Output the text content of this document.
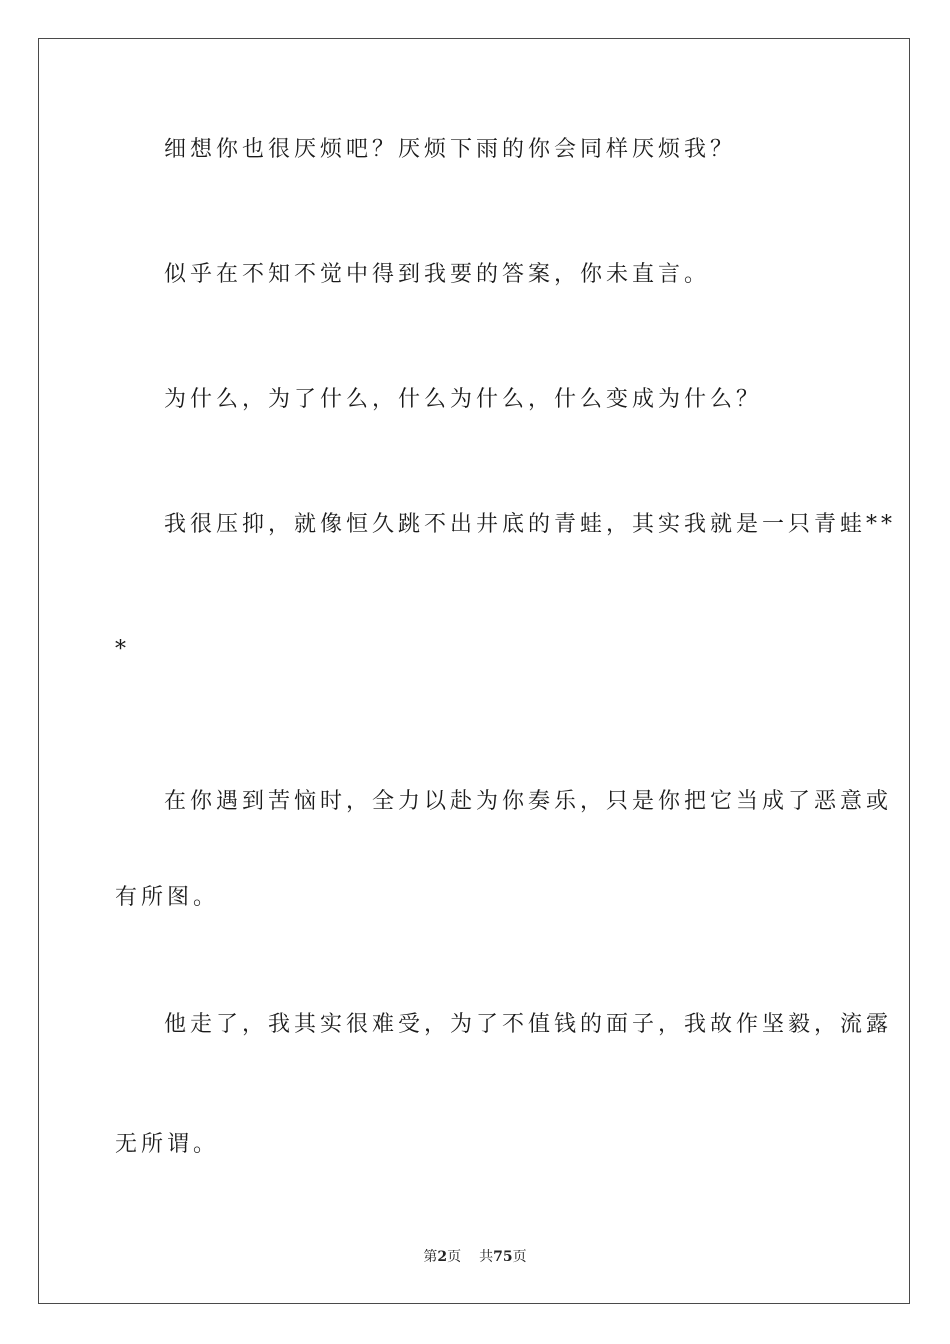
细想你也很厌烦吧？厌烦下雨的你会同样厌烦我？
似乎在不知不觉中得到我要的答案，你未直言。
为什么，为了什么，什么为什么，什么变成为什么？
我很压抑，就像恒久跳不出井底的青蛙，其实我就是一只青蛙**
*
在你遇到苦恼时，全力以赴为你奏乐，只是你把它当成了恶意或
有所图。
他走了，我其实很难受，为了不值钱的面子，我故作坚毅，流露
无所谓。
第2页 共75页
